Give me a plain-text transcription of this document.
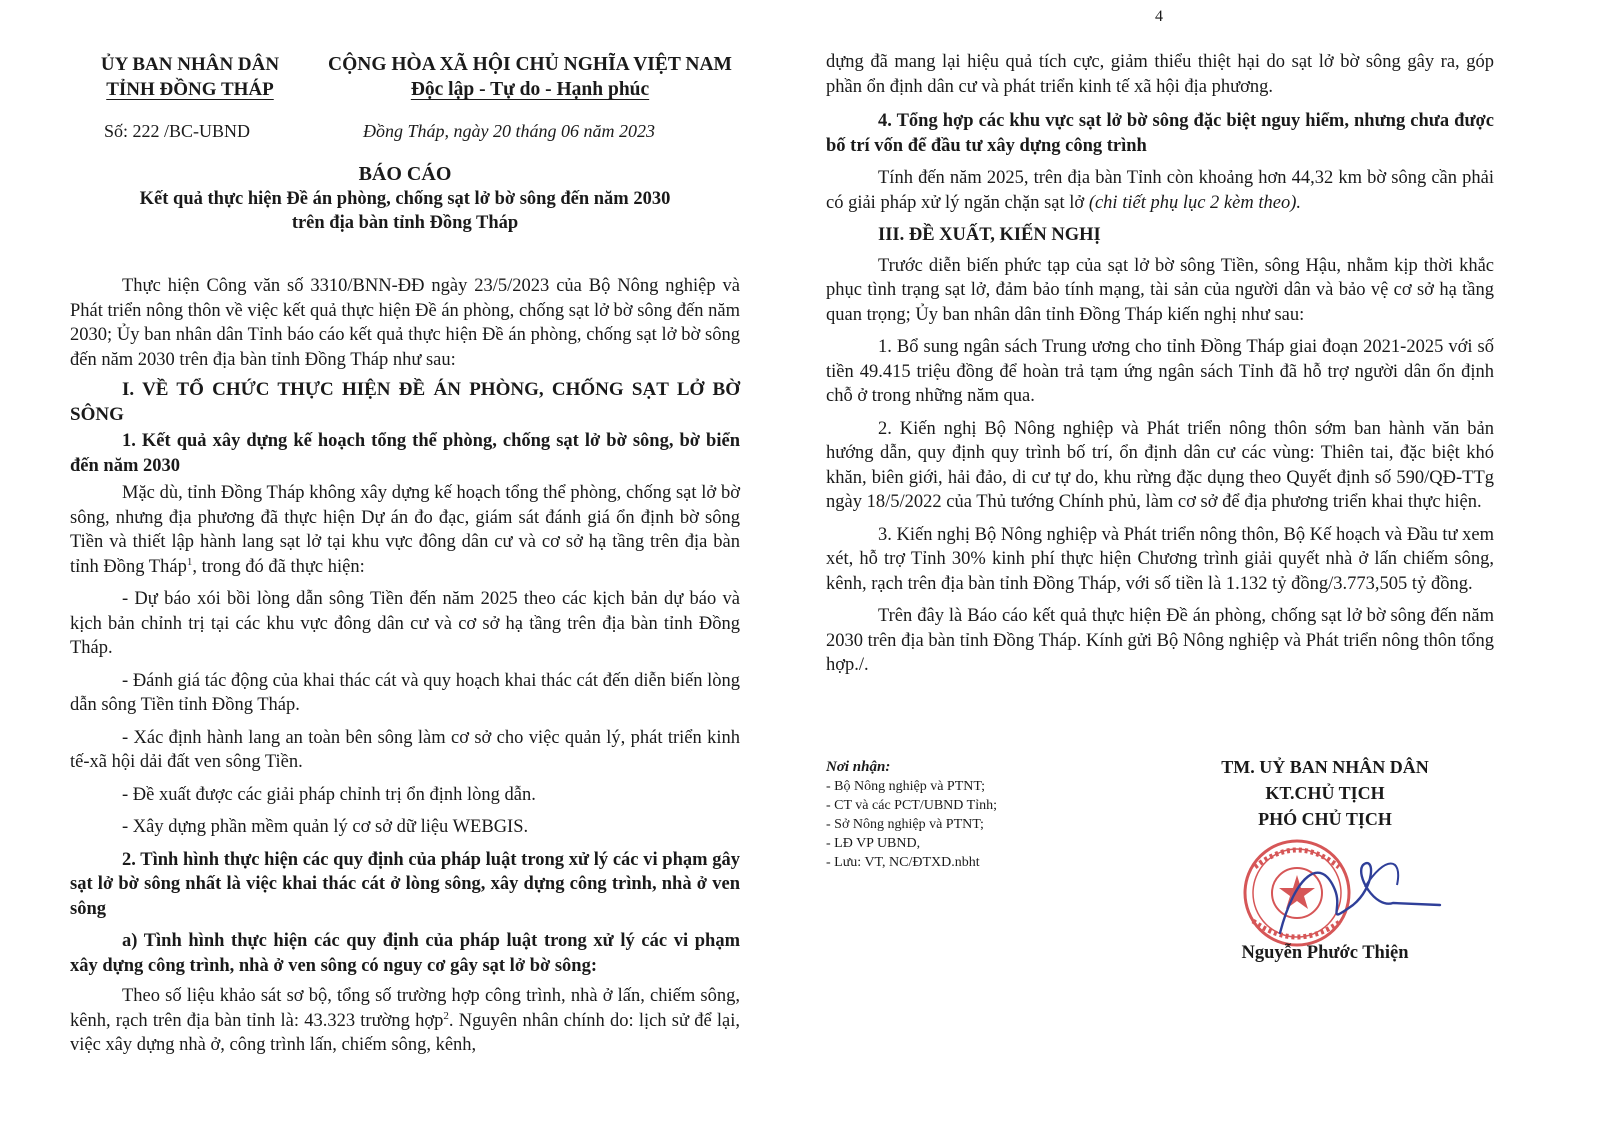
ỦY BAN NHÂN DÂN
TỈNH ĐỒNG THÁP
CỘNG HÒA XÃ HỘI CHỦ NGHĨA VIỆT NAM
Độc lập - Tự do - Hạnh phúc
Số: 222 /BC-UBND	Đồng Tháp, ngày 20 tháng 06 năm 2023
BÁO CÁO
Kết quả thực hiện Đề án phòng, chống sạt lở bờ sông đến năm 2030
trên địa bàn tỉnh Đồng Tháp

Thực hiện Công văn số 3310/BNN-ĐĐ ngày 23/5/2023 của Bộ Nông nghiệp và Phát triển nông thôn về việc kết quả thực hiện Đề án phòng, chống sạt lở bờ sông đến năm 2030; Ủy ban nhân dân Tỉnh báo cáo kết quả thực hiện Đề án phòng, chống sạt lở bờ sông đến năm 2030 trên địa bàn tỉnh Đồng Tháp như sau:

I. VỀ TỔ CHỨC THỰC HIỆN ĐỀ ÁN PHÒNG, CHỐNG SẠT LỞ BỜ SÔNG

1. Kết quả xây dựng kế hoạch tổng thể phòng, chống sạt lở bờ sông, bờ biển đến năm 2030

Mặc dù, tỉnh Đồng Tháp không xây dựng kế hoạch tổng thể phòng, chống sạt lở bờ sông, nhưng địa phương đã thực hiện Dự án đo đạc, giám sát đánh giá ổn định bờ sông Tiền và thiết lập hành lang sạt lở tại khu vực đông dân cư và cơ sở hạ tầng trên địa bàn tỉnh Đồng Tháp$^1$, trong đó đã thực hiện:

- Dự báo xói bồi lòng dẫn sông Tiền đến năm 2025 theo các kịch bản dự báo và kịch bản chỉnh trị tại các khu vực đông dân cư và cơ sở hạ tầng trên địa bàn tỉnh Đồng Tháp.

- Đánh giá tác động của khai thác cát và quy hoạch khai thác cát đến diễn biến lòng dẫn sông Tiền tỉnh Đồng Tháp.

- Xác định hành lang an toàn bên sông làm cơ sở cho việc quản lý, phát triển kinh tế-xã hội dải đất ven sông Tiền.

- Đề xuất được các giải pháp chỉnh trị ổn định lòng dẫn.

- Xây dựng phần mềm quản lý cơ sở dữ liệu WEBGIS.

2. Tình hình thực hiện các quy định của pháp luật trong xử lý các vi phạm gây sạt lở bờ sông nhất là việc khai thác cát ở lòng sông, xây dựng công trình, nhà ở ven sông

a) Tình hình thực hiện các quy định của pháp luật trong xử lý các vi phạm xây dựng công trình, nhà ở ven sông có nguy cơ gây sạt lở bờ sông:

Theo số liệu khảo sát sơ bộ, tổng số trường hợp công trình, nhà ở lấn, chiếm sông, kênh, rạch trên địa bàn tỉnh là: 43.323 trường hợp$^2$. Nguyên nhân chính do: lịch sử để lại, việc xây dựng nhà ở, công trình lấn, chiếm sông, kênh,

4

dựng đã mang lại hiệu quả tích cực, giảm thiểu thiệt hại do sạt lở bờ sông gây ra, góp phần ổn định dân cư và phát triển kinh tế xã hội địa phương.

4. Tổng hợp các khu vực sạt lở bờ sông đặc biệt nguy hiểm, nhưng chưa được bố trí vốn để đầu tư xây dựng công trình

Tính đến năm 2025, trên địa bàn Tỉnh còn khoảng hơn 44,32 km bờ sông cần phải có giải pháp xử lý ngăn chặn sạt lở (chi tiết phụ lục 2 kèm theo).

III. ĐỀ XUẤT, KIẾN NGHỊ

Trước diễn biến phức tạp của sạt lở bờ sông Tiền, sông Hậu, nhằm kịp thời khắc phục tình trạng sạt lở, đảm bảo tính mạng, tài sản của người dân và bảo vệ cơ sở hạ tầng quan trọng; Ủy ban nhân dân tỉnh Đồng Tháp kiến nghị như sau:

1. Bổ sung ngân sách Trung ương cho tỉnh Đồng Tháp giai đoạn 2021-2025 với số tiền 49.415 triệu đồng để hoàn trả tạm ứng ngân sách Tỉnh đã hỗ trợ người dân ổn định chỗ ở trong những năm qua.

2. Kiến nghị Bộ Nông nghiệp và Phát triển nông thôn sớm ban hành văn bản hướng dẫn, quy định quy trình bố trí, ổn định dân cư các vùng: Thiên tai, đặc biệt khó khăn, biên giới, hải đảo, di cư tự do, khu rừng đặc dụng theo Quyết định số 590/QĐ-TTg ngày 18/5/2022 của Thủ tướng Chính phủ, làm cơ sở để địa phương triển khai thực hiện.

3. Kiến nghị Bộ Nông nghiệp và Phát triển nông thôn, Bộ Kế hoạch và Đầu tư xem xét, hỗ trợ Tỉnh 30% kinh phí thực hiện Chương trình giải quyết nhà ở lấn chiếm sông, kênh, rạch trên địa bàn tỉnh Đồng Tháp, với số tiền là 1.132 tỷ đồng/3.773,505 tỷ đồng.

Trên đây là Báo cáo kết quả thực hiện Đề án phòng, chống sạt lở bờ sông đến năm 2030 trên địa bàn tỉnh Đồng Tháp. Kính gửi Bộ Nông nghiệp và Phát triển nông thôn tổng hợp./.

Nơi nhận:
- Bộ Nông nghiệp và PTNT;
- CT và các PCT/UBND Tỉnh;
- Sở Nông nghiệp và PTNT;
- LĐ VP UBND,
- Lưu: VT, NC/ĐTXD.nbht
TM. UỶ BAN NHÂN DÂN
KT.CHỦ TỊCH
PHÓ CHỦ TỊCH
Nguyễn Phước Thiện
